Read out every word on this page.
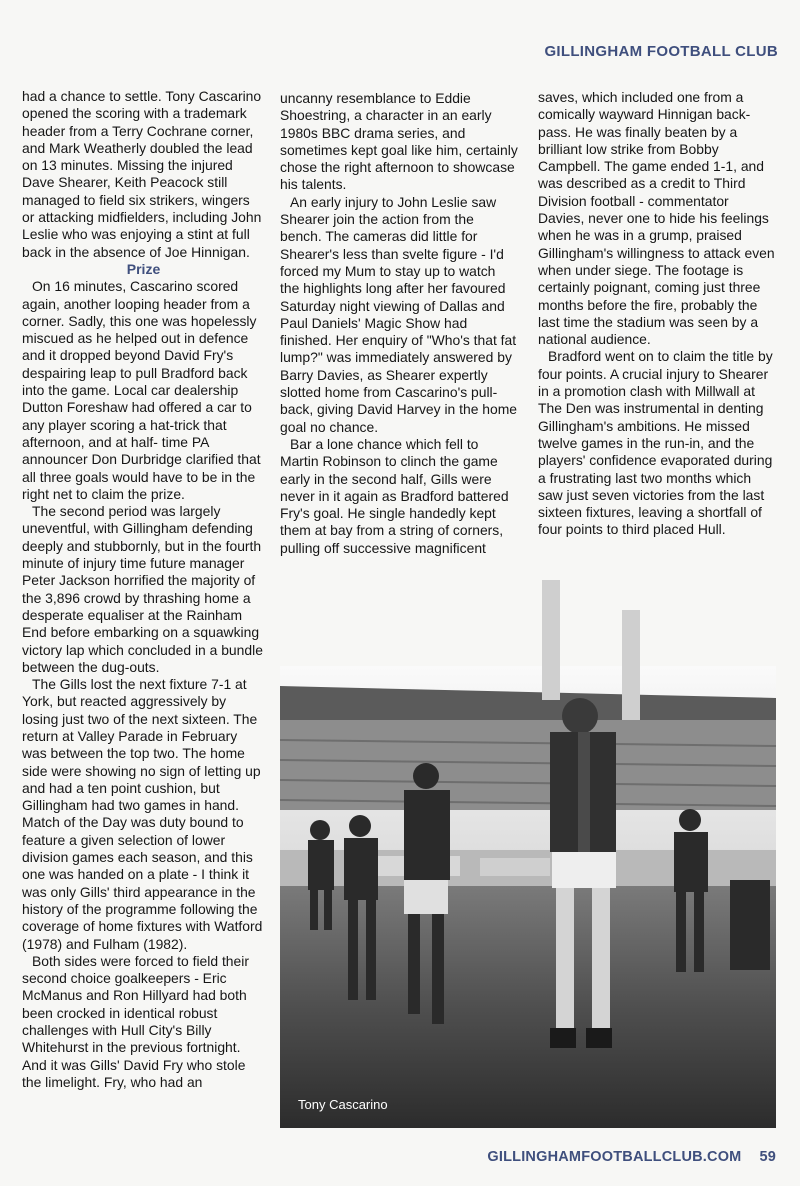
GILLINGHAM FOOTBALL CLUB

had a chance to settle. Tony Cascarino opened the scoring with a trademark header from a Terry Cochrane corner, and Mark Weatherly doubled the lead on 13 minutes. Missing the injured Dave Shearer, Keith Peacock still managed to field six strikers, wingers or attacking midfielders, including John Leslie who was enjoying a stint at full back in the absence of Joe Hinnigan.

Prize

On 16 minutes, Cascarino scored again, another looping header from a corner. Sadly, this one was hopelessly miscued as he helped out in defence and it dropped beyond David Fry's despairing leap to pull Bradford back into the game. Local car dealership Dutton Foreshaw had offered a car to any player scoring a hat-trick that afternoon, and at half- time PA announcer Don Durbridge clarified that all three goals would have to be in the right net to claim the prize.

The second period was largely uneventful, with Gillingham defending deeply and stubbornly, but in the fourth minute of injury time future manager Peter Jackson horrified the majority of the 3,896 crowd by thrashing home a desperate equaliser at the Rainham End before embarking on a squawking victory lap which concluded in a bundle between the dug-outs.

The Gills lost the next fixture 7-1 at York, but reacted aggressively by losing just two of the next sixteen. The return at Valley Parade in February was between the top two. The home side were showing no sign of letting up and had a ten point cushion, but Gillingham had two games in hand. Match of the Day was duty bound to feature a given selection of lower division games each season, and this one was handed on a plate - I think it was only Gills' third appearance in the history of the programme following the coverage of home fixtures with Watford (1978) and Fulham (1982).

Both sides were forced to field their second choice goalkeepers - Eric McManus and Ron Hillyard had both been crocked in identical robust challenges with Hull City's Billy Whitehurst in the previous fortnight. And it was Gills' David Fry who stole the limelight. Fry, who had an

uncanny resemblance to Eddie Shoestring, a character in an early 1980s BBC drama series, and sometimes kept goal like him, certainly chose the right afternoon to showcase his talents.

An early injury to John Leslie saw Shearer join the action from the bench. The cameras did little for Shearer's less than svelte figure - I'd forced my Mum to stay up to watch the highlights long after her favoured Saturday night viewing of Dallas and Paul Daniels' Magic Show had finished. Her enquiry of "Who's that fat lump?" was immediately answered by Barry Davies, as Shearer expertly slotted home from Cascarino's pull-back, giving David Harvey in the home goal no chance.

Bar a lone chance which fell to Martin Robinson to clinch the game early in the second half, Gills were never in it again as Bradford battered Fry's goal. He single handedly kept them at bay from a string of corners, pulling off successive magnificent

saves, which included one from a comically wayward Hinnigan back-pass. He was finally beaten by a brilliant low strike from Bobby Campbell. The game ended 1-1, and was described as a credit to Third Division football - commentator Davies, never one to hide his feelings when he was in a grump, praised Gillingham's willingness to attack even when under siege. The footage is certainly poignant, coming just three months before the fire, probably the last time the stadium was seen by a national audience.

Bradford went on to claim the title by four points. A crucial injury to Shearer in a promotion clash with Millwall at The Den was instrumental in denting Gillingham's ambitions. He missed twelve games in the run-in, and the players' confidence evaporated during a frustrating last two months which saw just seven victories from the last sixteen fixtures, leaving a shortfall of four points to third placed Hull.

Tony Cascarino
GILLINGHAMFOOTBALLCLUB.COM 59
